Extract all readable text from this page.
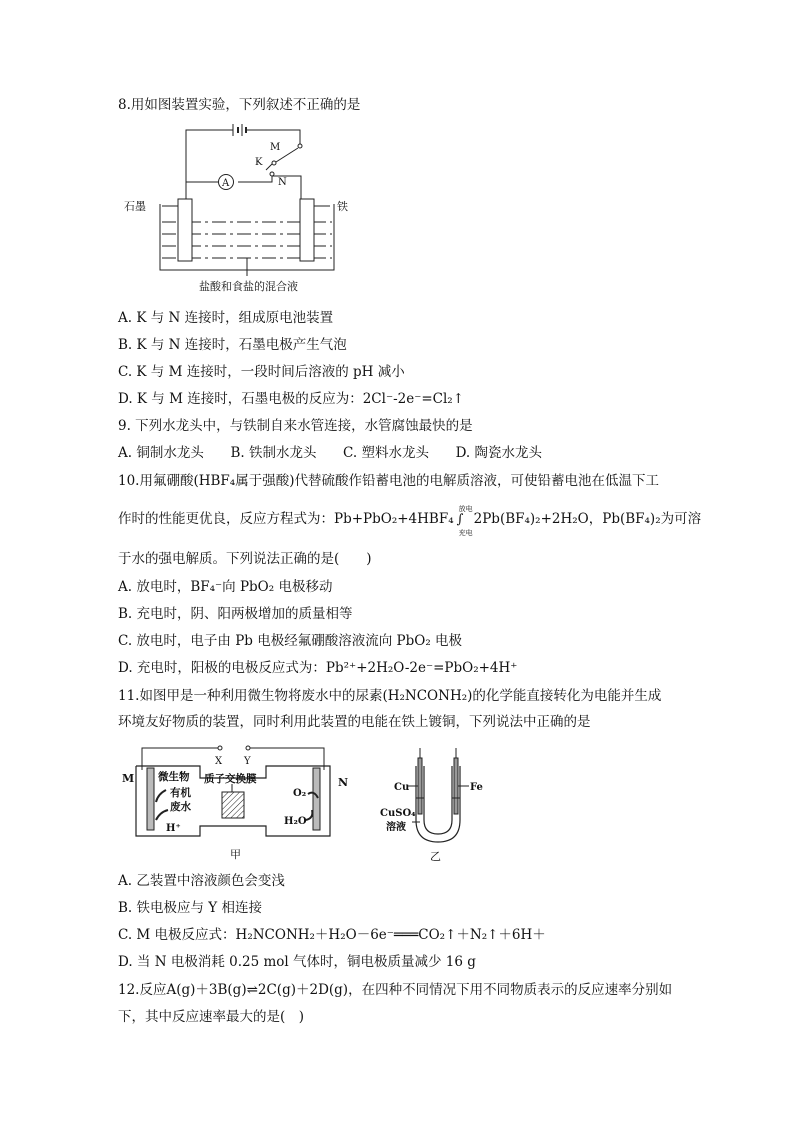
8.用如图装置实验，下列叙述不正确的是
A
M
K
N
石墨	铁
盐酸和食盐的混合液
A. K 与 N 连接时，组成原电池装置
B. K 与 N 连接时，石墨电极产生气泡
C. K 与 M 连接时，一段时间后溶液的 pH 减小
D. K 与 M 连接时，石墨电极的反应为：2Cl⁻-2e⁻=Cl₂↑
9. 下列水龙头中，与铁制自来水管连接，水管腐蚀最快的是
A. 铜制水龙头 B. 铁制水龙头 C. 塑料水龙头 D. 陶瓷水龙头
10.用氟硼酸(HBF₄属于强酸)代替硫酸作铅蓄电池的电解质溶液，可使铅蓄电池在低温下工
作时的性能更优良，反应方程式为：Pb+PbO₂+4HBF₄
放电
∫
充电
2Pb(BF₄)₂+2H₂O，Pb(BF₄)₂为可溶
于水的强电解质。下列说法正确的是(　　)
A. 放电时，BF₄⁻向 PbO₂ 电极移动
B. 充电时，阴、阳两极增加的质量相等
C. 放电时，电子由 Pb 电极经氟硼酸溶液流向 PbO₂ 电极
D. 充电时，阳极的电极反应式为：Pb²⁺+2H₂O-2e⁻=PbO₂+4H⁺
11.如图甲是一种利用微生物将废水中的尿素(H₂NCONH₂)的化学能直接转化为电能并生成
环境友好物质的装置，同时利用此装置的电能在铁上镀铜，下列说法中正确的是
X Y
M	N
质子交换膜
微生物
有机
废水
H⁺
O₂
H₂O
甲
Cu	Fe
CuSO₄
溶液
乙
A. 乙装置中溶液颜色会变浅
B. 铁电极应与 Y 相连接
C. M 电极反应式：H₂NCONH₂＋H₂O－6e⁻═══CO₂↑＋N₂↑＋6H＋
D. 当 N 电极消耗 0.25 mol 气体时，铜电极质量减少 16 g
12.反应A(g)＋3B(g)⇌2C(g)＋2D(g)，在四种不同情况下用不同物质表示的反应速率分别如
下，其中反应速率最大的是(　)
